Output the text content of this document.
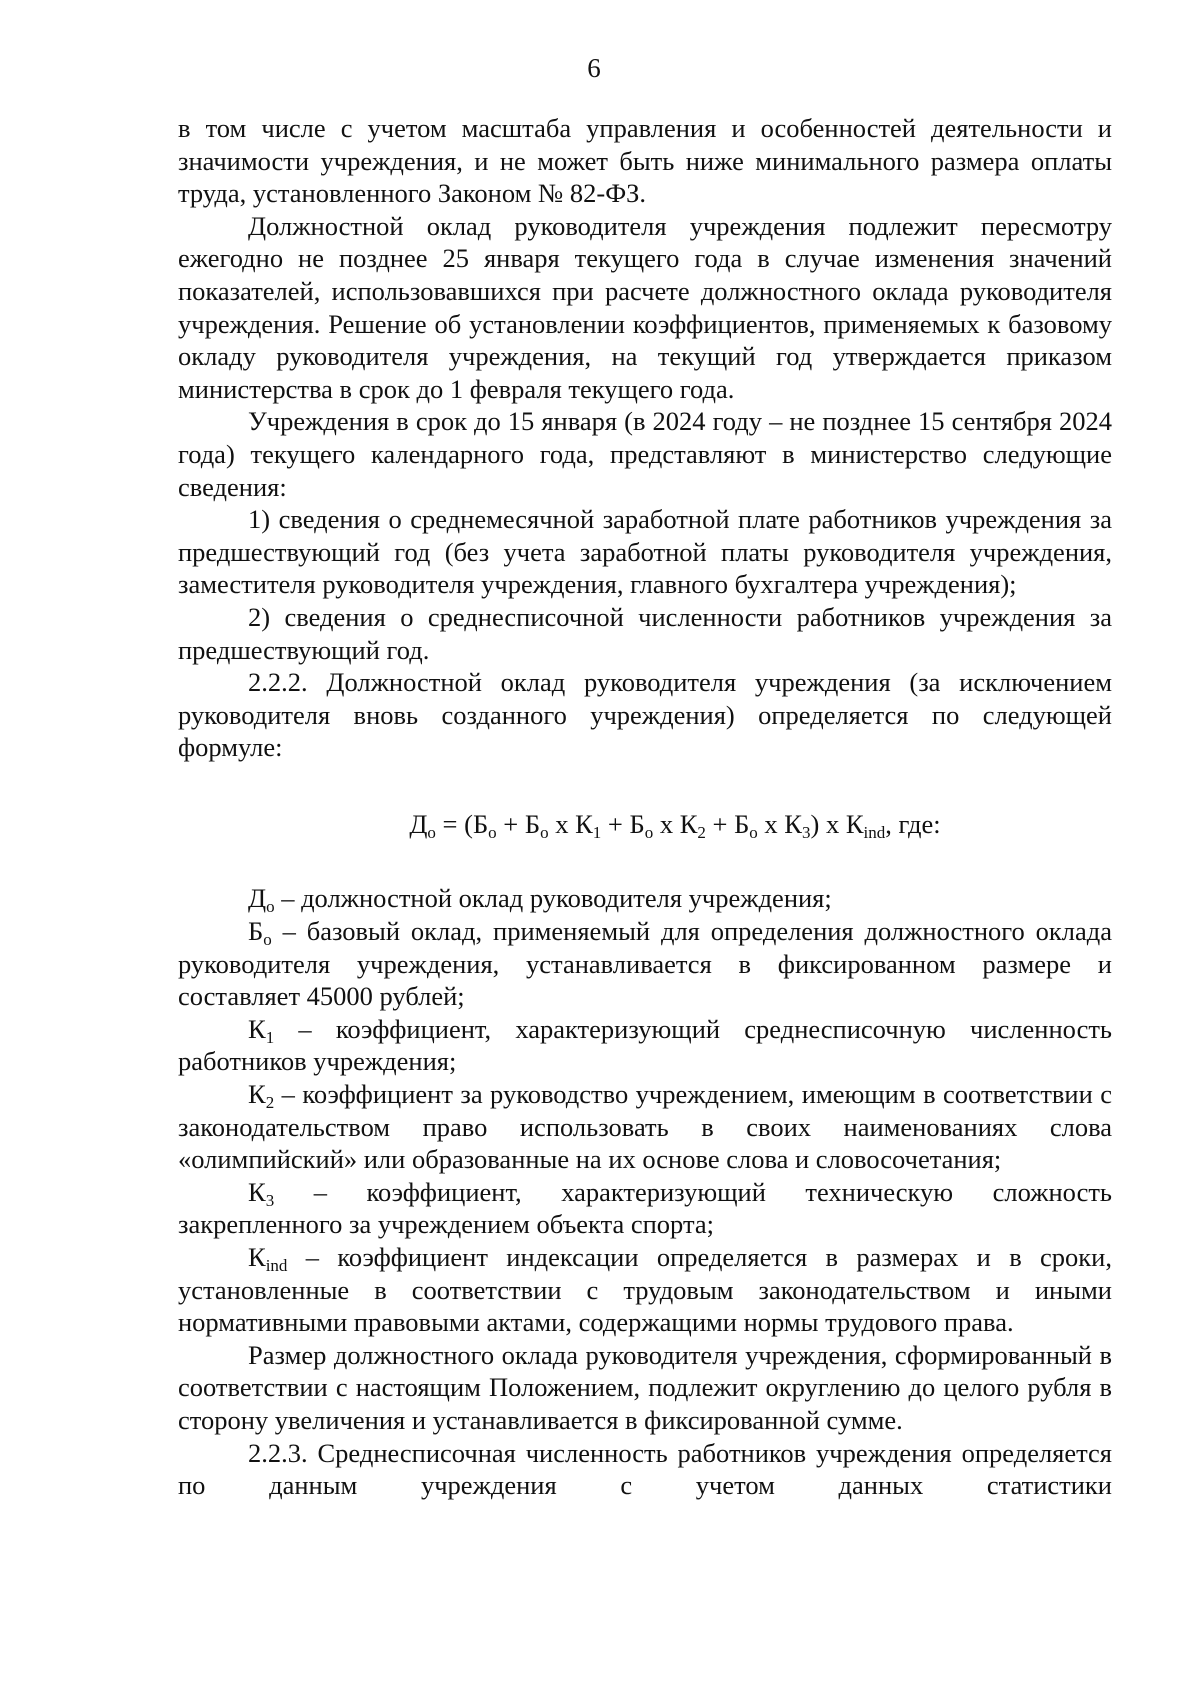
6

в том числе с учетом масштаба управления и особенностей деятельности и значимости учреждения, и не может быть ниже минимального размера оплаты труда, установленного Законом № 82-ФЗ.

Должностной оклад руководителя учреждения подлежит пересмотру ежегодно не позднее 25 января текущего года в случае изменения значений показателей, использовавшихся при расчете должностного оклада руководителя учреждения. Решение об установлении коэффициентов, применяемых к базовому окладу руководителя учреждения, на текущий год утверждается приказом министерства в срок до 1 февраля текущего года.

Учреждения в срок до 15 января (в 2024 году – не позднее 15 сентября 2024 года) текущего календарного года, представляют в министерство следующие сведения:

1) сведения о среднемесячной заработной плате работников учреждения за предшествующий год (без учета заработной платы руководителя учреждения, заместителя руководителя учреждения, главного бухгалтера учреждения);

2) сведения о среднесписочной численности работников учреждения за предшествующий год.

2.2.2. Должностной оклад руководителя учреждения (за исключением руководителя вновь созданного учреждения) определяется по следующей формуле:

$Д_о = (Б_о + Б_о$ х $К_1 + Б_о$ х $К_2 + Б_о$ х $К_3$) х $К_{ind}$, где:

$Д_о$ – должностной оклад руководителя учреждения;

$Б_о$ – базовый оклад, применяемый для определения должностного оклада руководителя учреждения, устанавливается в фиксированном размере и составляет 45000 рублей;

$К_1$ – коэффициент, характеризующий среднесписочную численность работников учреждения;

$К_2$ – коэффициент за руководство учреждением, имеющим в соответствии с законодательством право использовать в своих наименованиях слова «олимпийский» или образованные на их основе слова и словосочетания;

$К_3$ – коэффициент, характеризующий техническую сложность закрепленного за учреждением объекта спорта;

$К_{ind}$ – коэффициент индексации определяется в размерах и в сроки, установленные в соответствии с трудовым законодательством и иными нормативными правовыми актами, содержащими нормы трудового права.

Размер должностного оклада руководителя учреждения, сформированный в соответствии с настоящим Положением, подлежит округлению до целого рубля в сторону увеличения и устанавливается в фиксированной сумме.

2.2.3. Среднесписочная численность работников учреждения определяется по данным учреждения с учетом данных статистики
